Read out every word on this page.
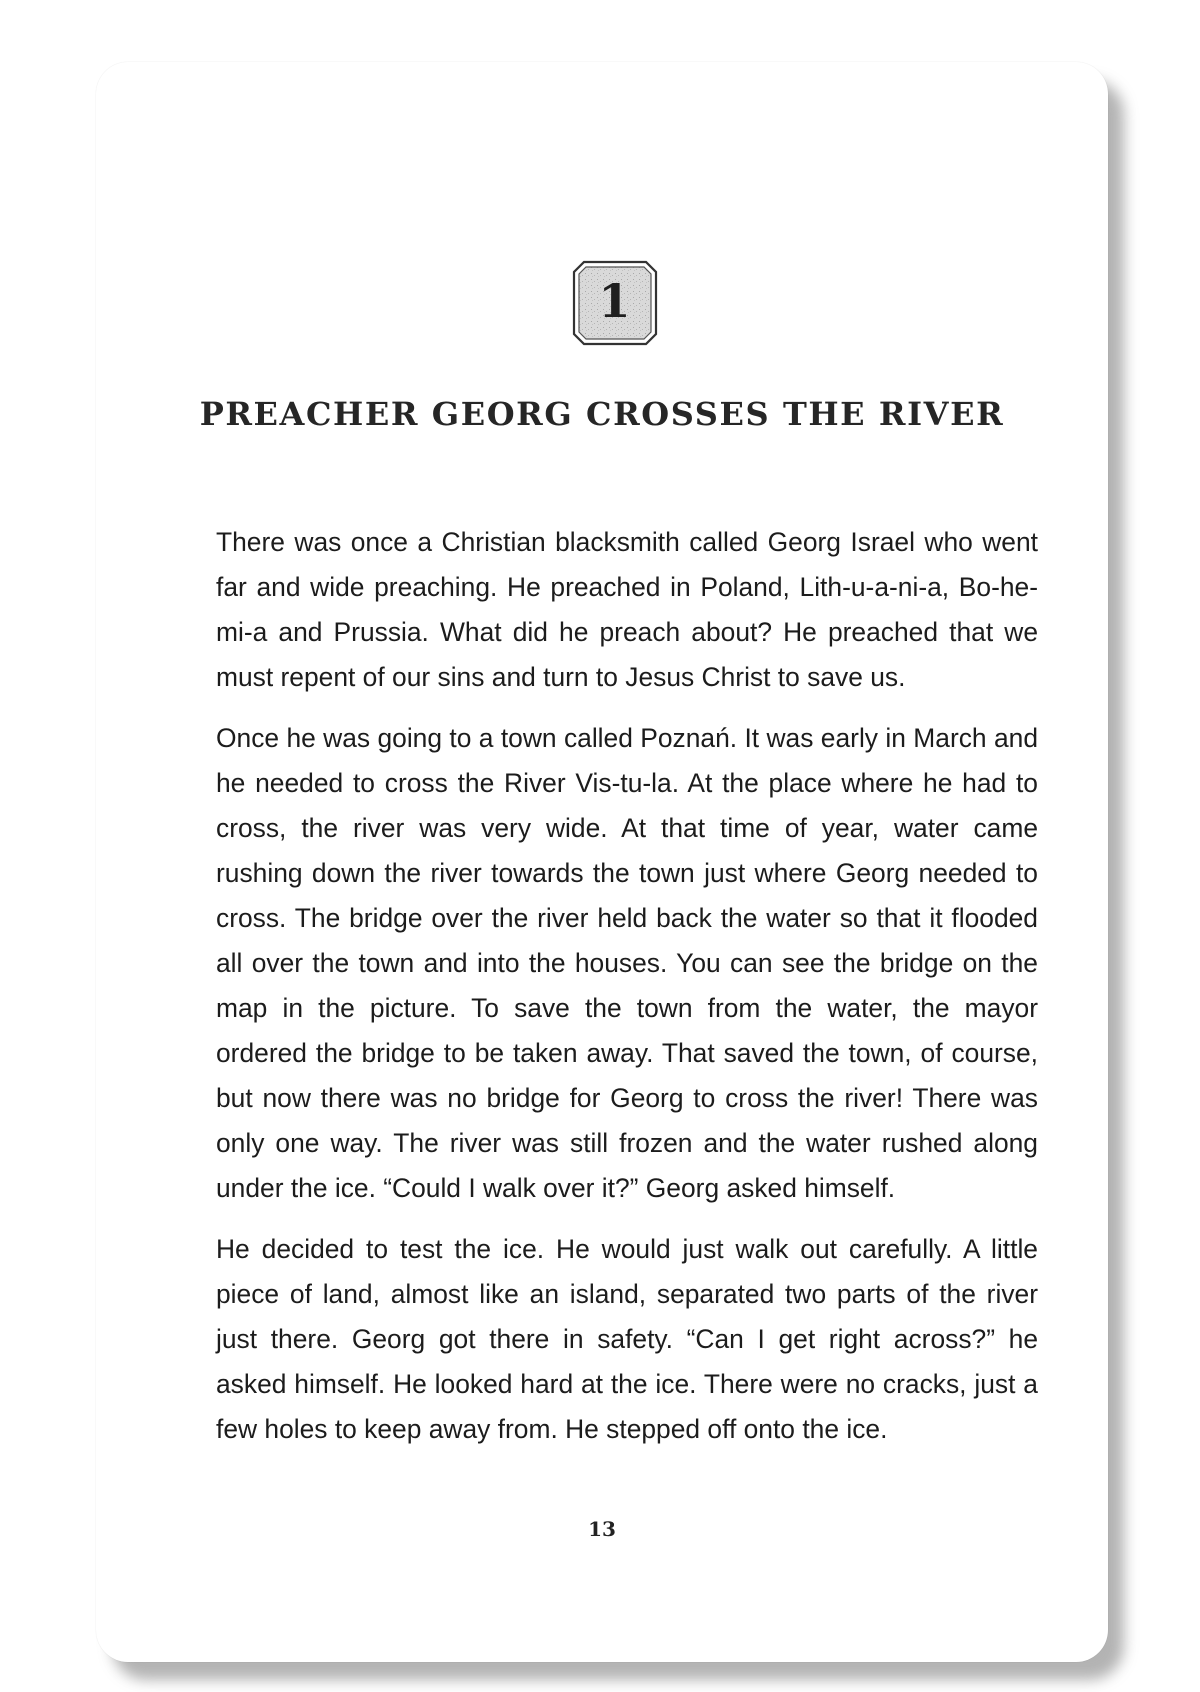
1
PREACHER GEORG CROSSES THE RIVER

There was once a Christian blacksmith called Georg Israel who went far and wide preaching. He preached in Poland, Lith-u-a-ni-a, Bo-he-mi-a and Prussia. What did he preach about? He preached that we must repent of our sins and turn to Jesus Christ to save us.

Once he was going to a town called Poznań. It was early in March and he needed to cross the River Vis-tu-la. At the place where he had to cross, the river was very wide. At that time of year, water came rushing down the river towards the town just where Georg needed to cross. The bridge over the river held back the water so that it flooded all over the town and into the houses. You can see the bridge on the map in the picture. To save the town from the water, the mayor ordered the bridge to be taken away. That saved the town, of course, but now there was no bridge for Georg to cross the river! There was only one way. The river was still frozen and the water rushed along under the ice. “Could I walk over it?” Georg asked himself.

He decided to test the ice. He would just walk out carefully. A little piece of land, almost like an island, separated two parts of the river just there. Georg got there in safety. “Can I get right across?” he asked himself. He looked hard at the ice. There were no cracks, just a few holes to keep away from. He stepped off onto the ice.

13
